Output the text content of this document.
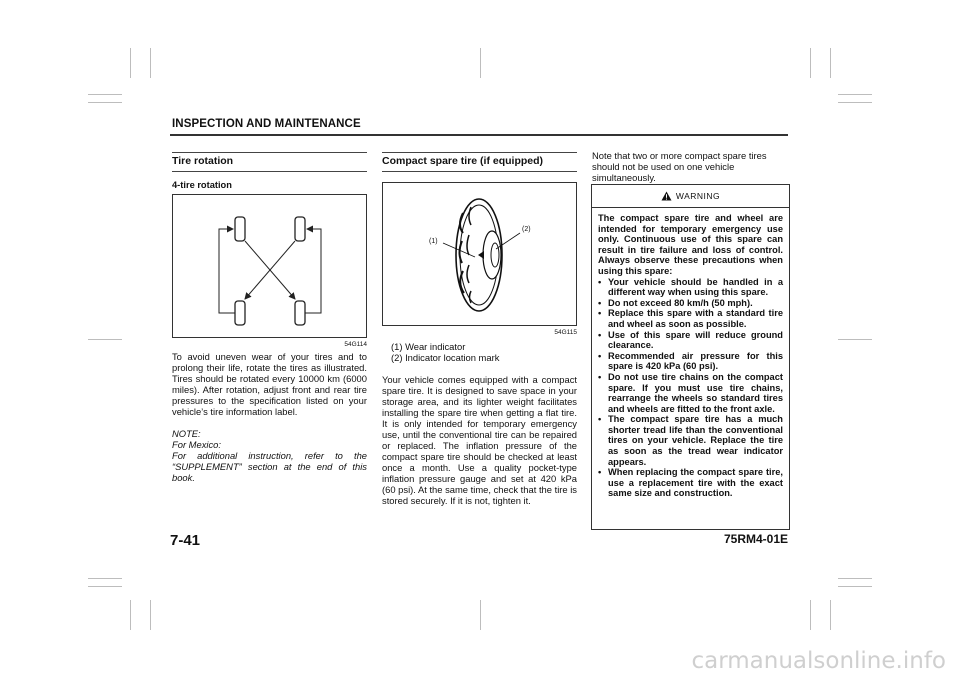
INSPECTION AND MAINTENANCE
Tire rotation
4-tire rotation
54G114

To avoid uneven wear of your tires and to prolong their life, rotate the tires as illustrated. Tires should be rotated every 10000 km (6000 miles). After rotation, adjust front and rear tire pressures to the specification listed on your vehicle’s tire information label.

NOTE:
For Mexico:
For additional instruction, refer to the “SUPPLEMENT” section at the end of this book.
Compact spare tire (if equipped)
(1)
(2)
54G115
(1) Wear indicator
(2) Indicator location mark

Your vehicle comes equipped with a compact spare tire. It is designed to save space in your storage area, and its lighter weight facilitates installing the spare tire when getting a flat tire. It is only intended for temporary emergency use, until the conventional tire can be repaired or replaced. The inflation pressure of the compact spare tire should be checked at least once a month. Use a quality pocket-type inflation pressure gauge and set at 420 kPa (60 psi). At the same time, check that the tire is stored securely. If it is not, tighten it.

Note that two or more compact spare tires should not be used on one vehicle simultaneously.

WARNING

The compact spare tire and wheel are intended for temporary emergency use only. Continuous use of this spare can result in tire failure and loss of control. Always observe these precautions when using this spare:

• Your vehicle should be handled in a different way when using this spare.
• Do not exceed 80 km/h (50 mph).
• Replace this spare with a standard tire and wheel as soon as possible.
• Use of this spare will reduce ground clearance.
• Recommended air pressure for this spare is 420 kPa (60 psi).
• Do not use tire chains on the compact spare. If you must use tire chains, rearrange the wheels so standard tires and wheels are fitted to the front axle.
• The compact spare tire has a much shorter tread life than the conventional tires on your vehicle. Replace the tire as soon as the tread wear indicator appears.
• When replacing the compact spare tire, use a replacement tire with the exact same size and construction.
7-41	75RM4-01E
carmanualsonline.info
